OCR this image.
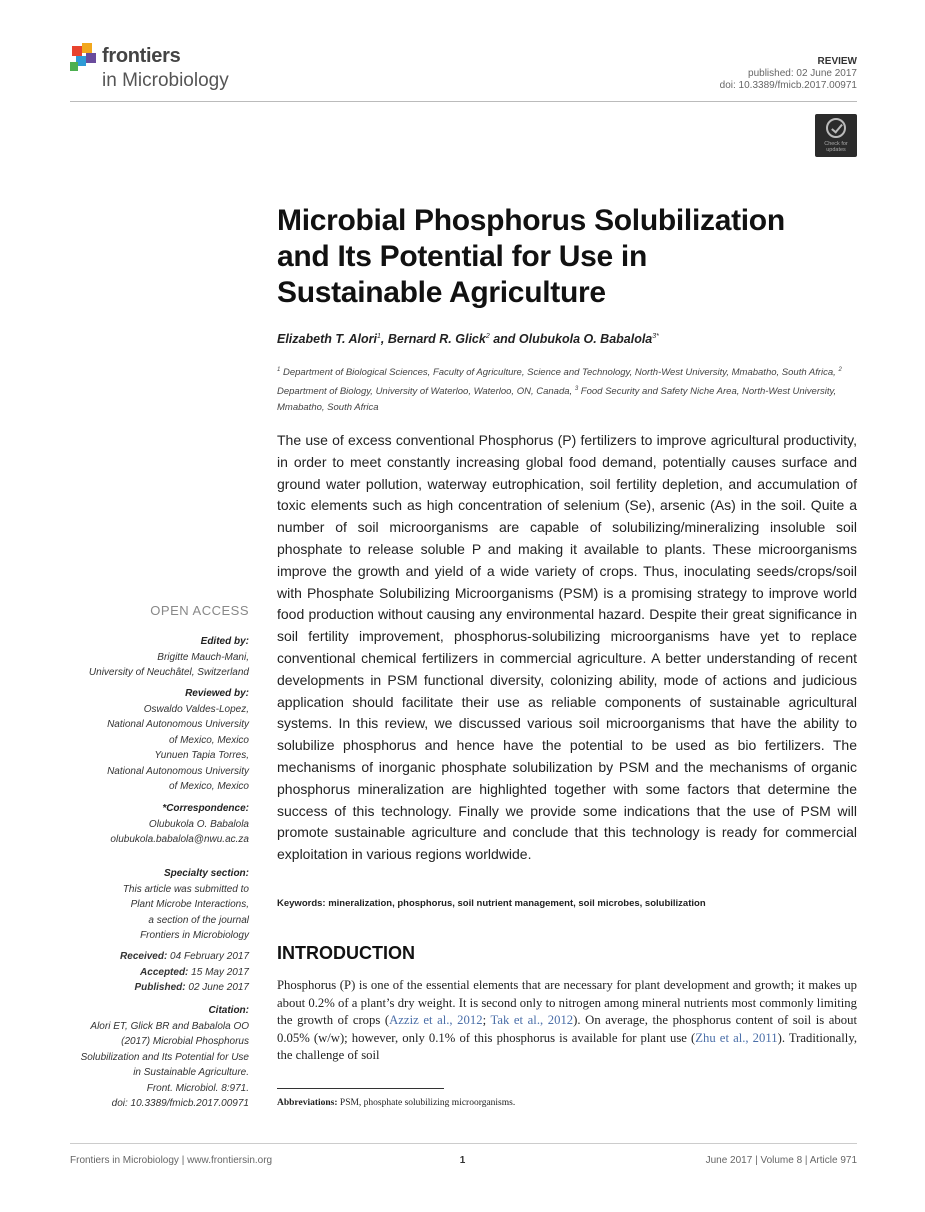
frontiers
in Microbiology
REVIEW
published: 02 June 2017
doi: 10.3389/fmicb.2017.00971
Check for
updates
Microbial Phosphorus Solubilization
and Its Potential for Use in
Sustainable Agriculture
Elizabeth T. Alori$^1$, Bernard R. Glick$^2$ and Olubukola O. Babalola$^{3*}$
$^1$ Department of Biological Sciences, Faculty of Agriculture, Science and Technology, North-West University, Mmabatho, South Africa, $^2$ Department of Biology, University of Waterloo, Waterloo, ON, Canada, $^3$ Food Security and Safety Niche Area, North-West University, Mmabatho, South Africa
The use of excess conventional Phosphorus (P) fertilizers to improve agricultural productivity, in order to meet constantly increasing global food demand, potentially causes surface and ground water pollution, waterway eutrophication, soil fertility depletion, and accumulation of toxic elements such as high concentration of selenium (Se), arsenic (As) in the soil. Quite a number of soil microorganisms are capable of solubilizing/mineralizing insoluble soil phosphate to release soluble P and making it available to plants. These microorganisms improve the growth and yield of a wide variety of crops. Thus, inoculating seeds/crops/soil with Phosphate Solubilizing Microorganisms (PSM) is a promising strategy to improve world food production without causing any environmental hazard. Despite their great significance in soil fertility improvement, phosphorus-solubilizing microorganisms have yet to replace conventional chemical fertilizers in commercial agriculture. A better understanding of recent developments in PSM functional diversity, colonizing ability, mode of actions and judicious application should facilitate their use as reliable components of sustainable agricultural systems. In this review, we discussed various soil microorganisms that have the ability to solubilize phosphorus and hence have the potential to be used as bio fertilizers. The mechanisms of inorganic phosphate solubilization by PSM and the mechanisms of organic phosphorus mineralization are highlighted together with some factors that determine the success of this technology. Finally we provide some indications that the use of PSM will promote sustainable agriculture and conclude that this technology is ready for commercial exploitation in various regions worldwide.
Keywords: mineralization, phosphorus, soil nutrient management, soil microbes, solubilization
INTRODUCTION
Phosphorus (P) is one of the essential elements that are necessary for plant development and growth; it makes up about 0.2% of a plant’s dry weight. It is second only to nitrogen among mineral nutrients most commonly limiting the growth of crops (Azziz et al., 2012; Tak et al., 2012). On average, the phosphorus content of soil is about 0.05% (w/w); however, only 0.1% of this phosphorus is available for plant use (Zhu et al., 2011). Traditionally, the challenge of soil
Abbreviations: PSM, phosphate solubilizing microorganisms.
OPEN ACCESS
Edited by:
Brigitte Mauch-Mani,
University of Neuchâtel, Switzerland
Reviewed by:
Oswaldo Valdes-Lopez,
National Autonomous University
of Mexico, Mexico
Yunuen Tapia Torres,
National Autonomous University
of Mexico, Mexico
*Correspondence:
Olubukola O. Babalola
olubukola.babalola@nwu.ac.za
Specialty section:
This article was submitted to
Plant Microbe Interactions,
a section of the journal
Frontiers in Microbiology
Received: 04 February 2017
Accepted: 15 May 2017
Published: 02 June 2017
Citation:
Alori ET, Glick BR and Babalola OO
(2017) Microbial Phosphorus
Solubilization and Its Potential for Use
in Sustainable Agriculture.
Front. Microbiol. 8:971.
doi: 10.3389/fmicb.2017.00971
Frontiers in Microbiology | www.frontiersin.org	1	June 2017 | Volume 8 | Article 971
